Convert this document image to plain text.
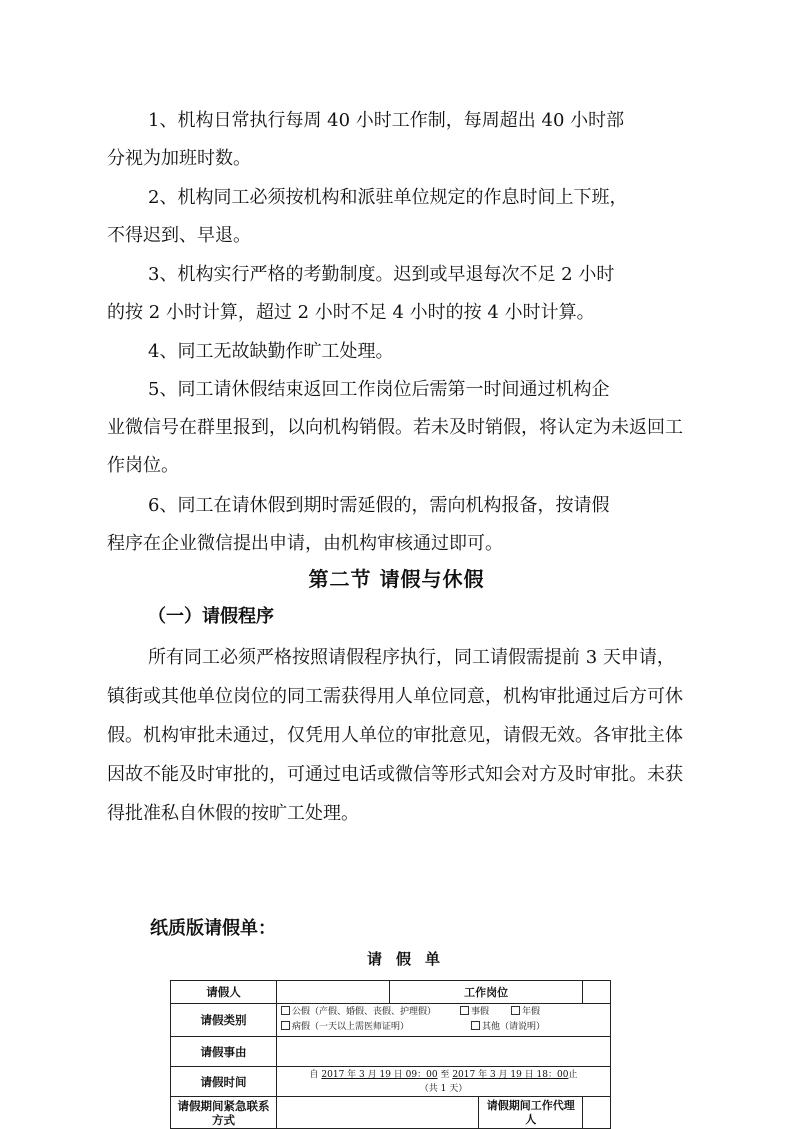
1、机构日常执行每周 40 小时工作制，每周超出 40 小时部
分视为加班时数。

2、机构同工必须按机构和派驻单位规定的作息时间上下班，
不得迟到、早退。

3、机构实行严格的考勤制度。迟到或早退每次不足 2 小时
的按 2 小时计算，超过 2 小时不足 4 小时的按 4 小时计算。

4、同工无故缺勤作旷工处理。

5、同工请休假结束返回工作岗位后需第一时间通过机构企
业微信号在群里报到，以向机构销假。若未及时销假，将认定为未返回工作岗位。

6、同工在请休假到期时需延假的，需向机构报备，按请假
程序在企业微信提出申请，由机构审核通过即可。

第二节 请假与休假
（一）请假程序

所有同工必须严格按照请假程序执行，同工请假需提前 3 天申请，镇街或其他单位岗位的同工需获得用人单位同意，机构审批通过后方可休假。机构审批未通过，仅凭用人单位的审批意见，请假无效。各审批主体因故不能及时审批的，可通过电话或微信等形式知会对方及时审批。未获得批准私自休假的按旷工处理。

纸质版请假单：

请假单

请假人		工作岗位		
请假类别	公假（产假、婚假、丧假、护理假） 事假 年假
病假（一天以上需医师证明） 其他（请说明）			
请假事由				
请假时间	自 2017 年 3 月 19 日 09：00 至 2017 年 3 月 19 日 18：00止
（共 1 天）			
请假期间紧急联系方式			请假期间工作代理人	
